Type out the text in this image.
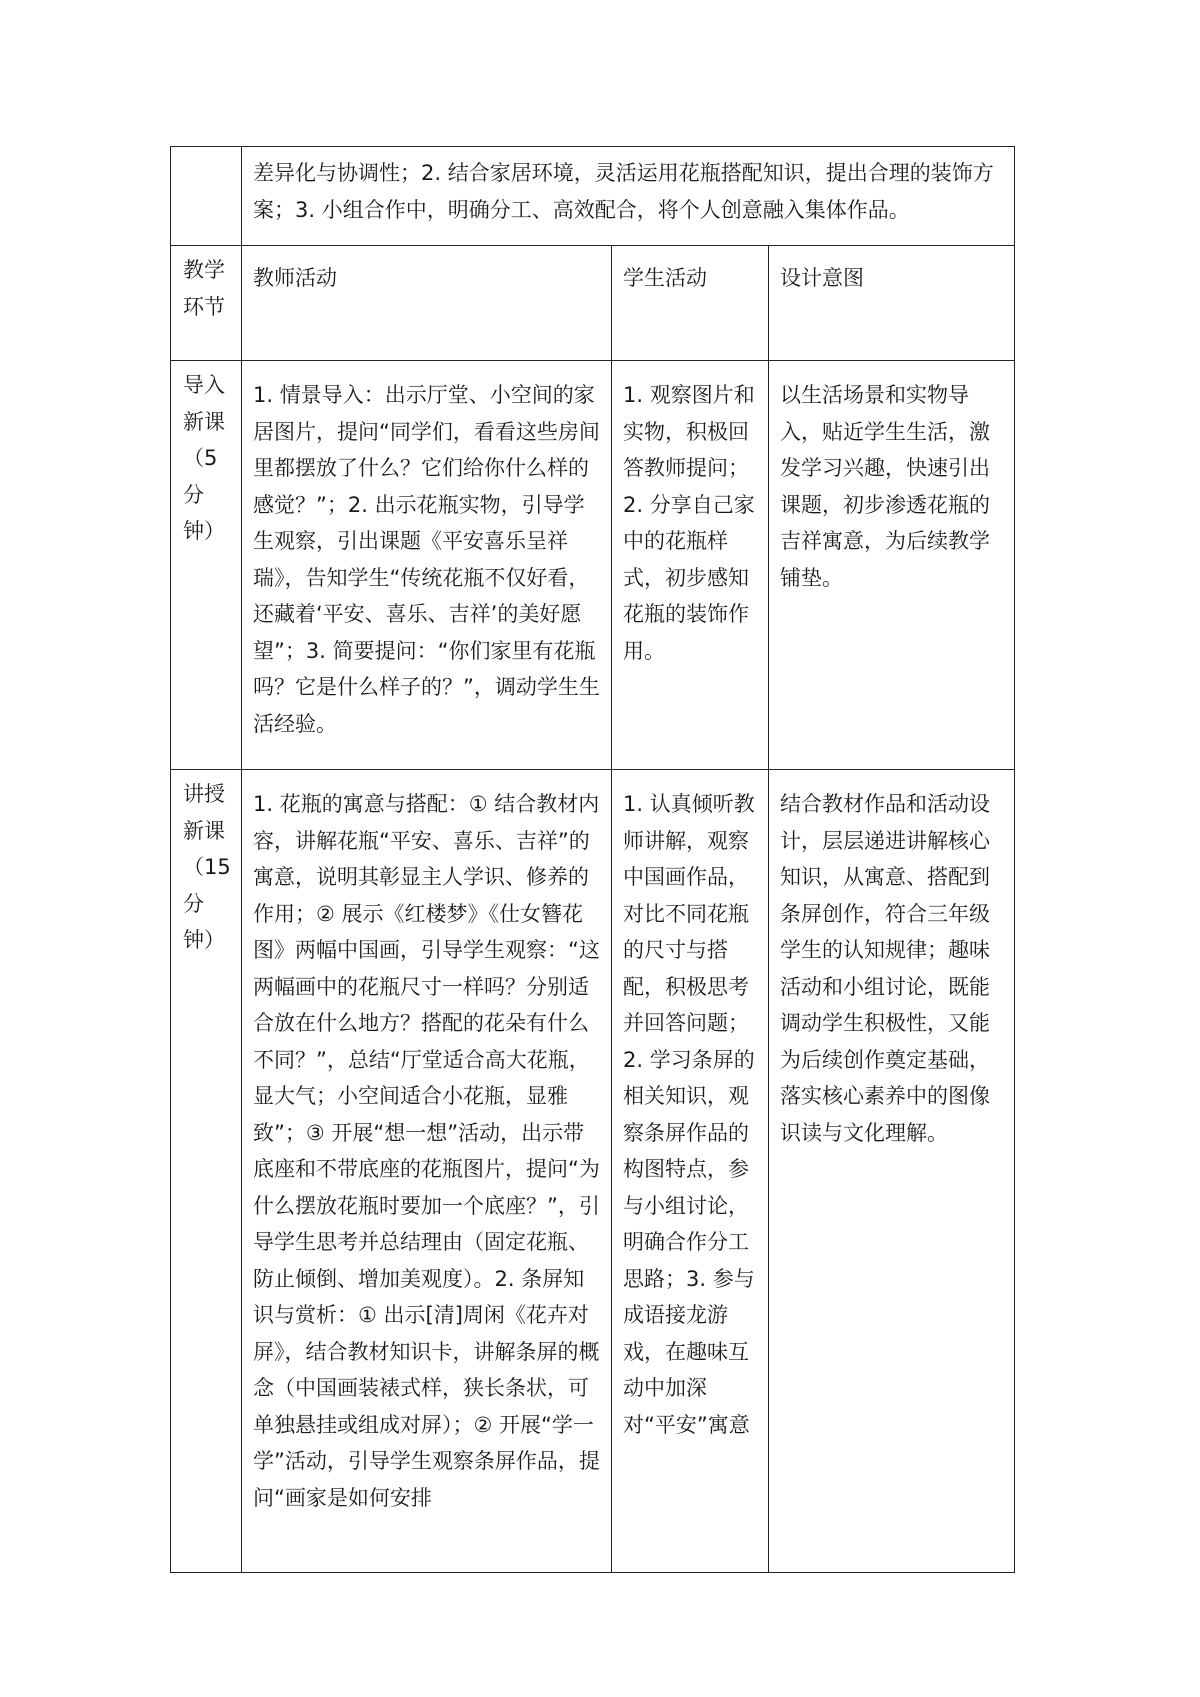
	差异化与协调性；2. 结合家居环境，灵活运用花瓶搭配知识，提出合理的装饰方案；3. 小组合作中，明确分工、高效配合，将个人创意融入集体作品。		
教学环节	教师活动	学生活动	设计意图
导入新课（5分钟）	1. 情景导入：出示厅堂、小空间的家居图片，提问“同学们，看看这些房间里都摆放了什么？它们给你什么样的感觉？”；2. 出示花瓶实物，引导学生观察，引出课题《平安喜乐呈祥瑞》，告知学生“传统花瓶不仅好看，还藏着‘平安、喜乐、吉祥’的美好愿望”；3. 简要提问：“你们家里有花瓶吗？它是什么样子的？”，调动学生生活经验。	1. 观察图片和实物，积极回答教师提问；2. 分享自己家中的花瓶样式，初步感知花瓶的装饰作用。	以生活场景和实物导入，贴近学生生活，激发学习兴趣，快速引出课题，初步渗透花瓶的吉祥寓意，为后续教学铺垫。
讲授新课（15分钟）	1. 花瓶的寓意与搭配：① 结合教材内容，讲解花瓶“平安、喜乐、吉祥”的寓意，说明其彰显主人学识、修养的作用；② 展示《红楼梦》《仕女簪花图》两幅中国画，引导学生观察：“这两幅画中的花瓶尺寸一样吗？分别适合放在什么地方？搭配的花朵有什么不同？”，总结“厅堂适合高大花瓶，显大气；小空间适合小花瓶，显雅致”；③ 开展“想一想”活动，出示带底座和不带底座的花瓶图片，提问“为什么摆放花瓶时要加一个底座？”，引导学生思考并总结理由（固定花瓶、防止倾倒、增加美观度）。2. 条屏知识与赏析：① 出示[清]周闲《花卉对屏》，结合教材知识卡，讲解条屏的概念（中国画装裱式样，狭长条状，可单独悬挂或组成对屏）；② 开展“学一学”活动，引导学生观察条屏作品，提问“画家是如何安排	1. 认真倾听教师讲解，观察中国画作品，对比不同花瓶的尺寸与搭配，积极思考并回答问题；2. 学习条屏的相关知识，观察条屏作品的构图特点，参与小组讨论，明确合作分工思路；3. 参与成语接龙游戏，在趣味互动中加深对“平安”寓意	结合教材作品和活动设计，层层递进讲解核心知识，从寓意、搭配到条屏创作，符合三年级学生的认知规律；趣味活动和小组讨论，既能调动学生积极性，又能为后续创作奠定基础，落实核心素养中的图像识读与文化理解。
